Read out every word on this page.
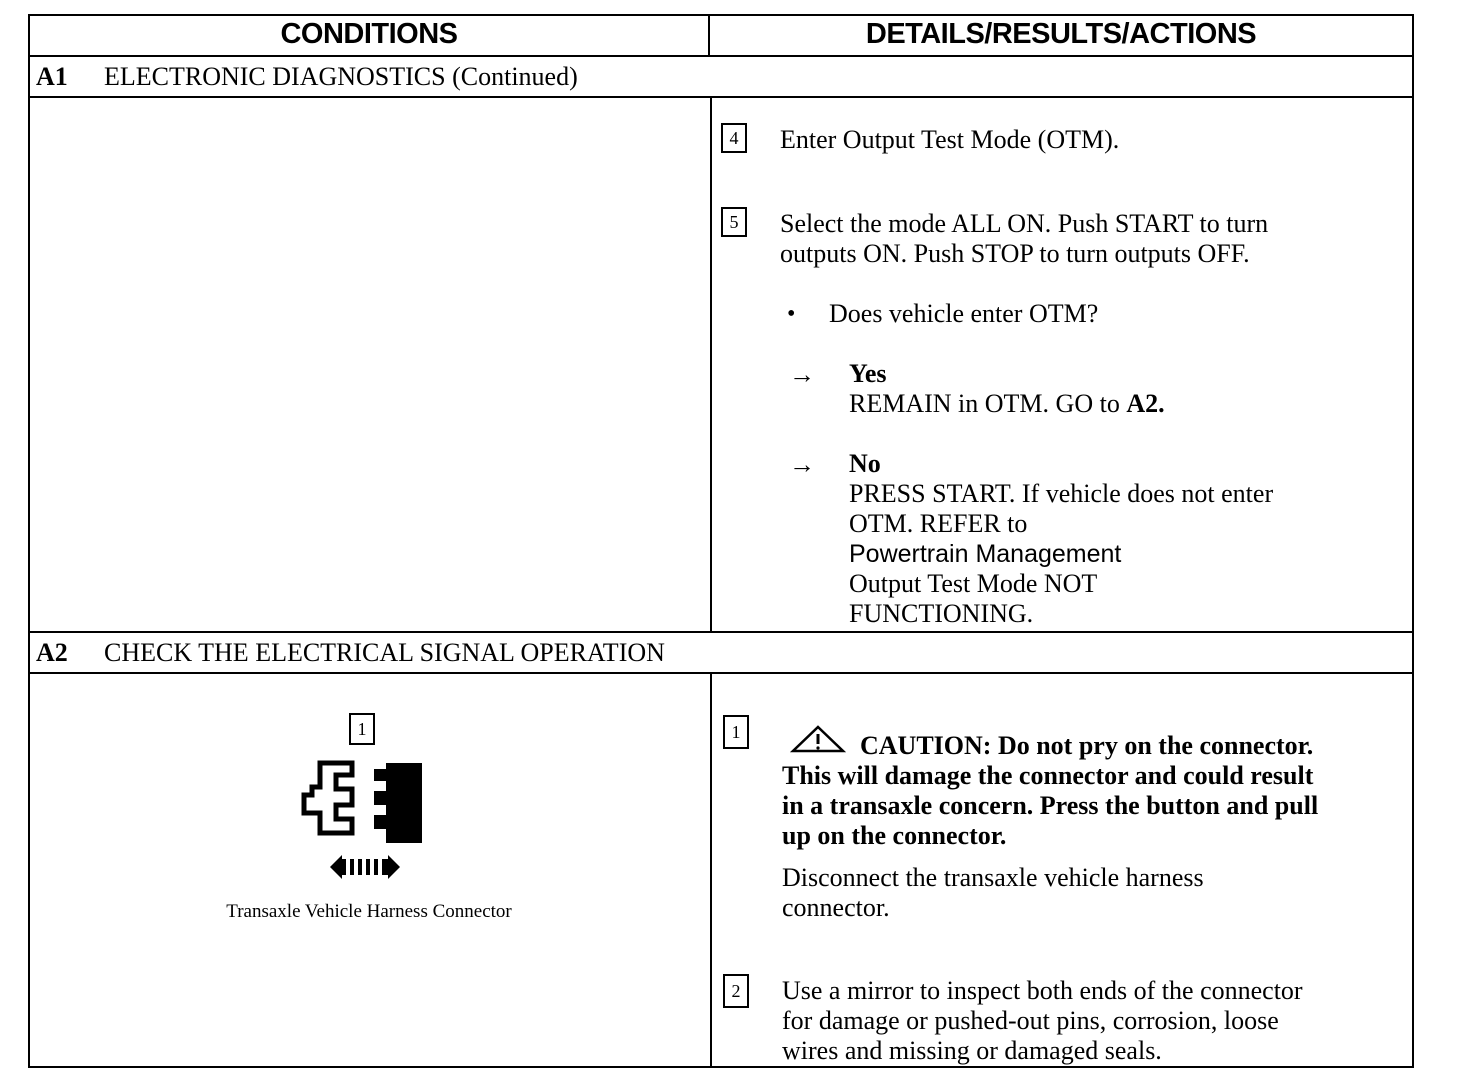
CONDITIONS	DETAILS/RESULTS/ACTIONS
A1 ELECTRONIC DIAGNOSTICS (Continued)
4	Enter Output Test Mode (OTM).
5	Select the mode ALL ON. Push START to turn
outputs ON. Push STOP to turn outputs OFF.
• Does vehicle enter OTM?
→ Yes
REMAIN in OTM. GO to A2.
→ No
PRESS START. If vehicle does not enter
OTM. REFER to
Powertrain Management
Output Test Mode NOT
FUNCTIONING.
A2 CHECK THE ELECTRICAL SIGNAL OPERATION
1
Transaxle Vehicle Harness Connector
1	CAUTION: Do not pry on the connector.
This will damage the connector and could result
in a transaxle concern. Press the button and pull
up on the connector.
Disconnect the transaxle vehicle harness
connector.
2	Use a mirror to inspect both ends of the connector
for damage or pushed-out pins, corrosion, loose
wires and missing or damaged seals.
